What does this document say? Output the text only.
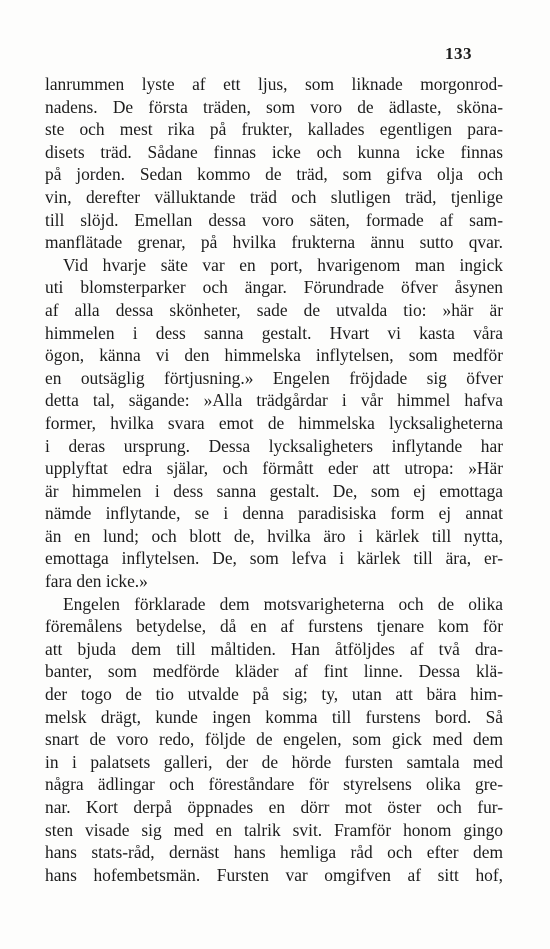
133
lanrummen lyste af ett ljus, som liknade morgonrod-
nadens. De första träden, som voro de ädlaste, sköna-
ste och mest rika på frukter, kallades egentligen para-
disets träd. Sådane finnas icke och kunna icke finnas
på jorden. Sedan kommo de träd, som gifva olja och
vin, derefter välluktande träd och slutligen träd, tjenlige
till slöjd. Emellan dessa voro säten, formade af sam-
manflätade grenar, på hvilka frukterna ännu sutto qvar.
Vid hvarje säte var en port, hvarigenom man ingick
uti blomsterparker och ängar. Förundrade öfver åsynen
af alla dessa skönheter, sade de utvalda tio: »här är
himmelen i dess sanna gestalt. Hvart vi kasta våra
ögon, känna vi den himmelska inflytelsen, som medför
en outsäglig förtjusning.» Engelen fröjdade sig öfver
detta tal, sägande: »Alla trädgårdar i vår himmel hafva
former, hvilka svara emot de himmelska lycksaligheterna
i deras ursprung. Dessa lycksaligheters inflytande har
upplyftat edra själar, och förmått eder att utropa: »Här
är himmelen i dess sanna gestalt. De, som ej emottaga
nämde inflytande, se i denna paradisiska form ej annat
än en lund; och blott de, hvilka äro i kärlek till nytta,
emottaga inflytelsen. De, som lefva i kärlek till ära, er-
fara den icke.»
Engelen förklarade dem motsvarigheterna och de olika
föremålens betydelse, då en af furstens tjenare kom för
att bjuda dem till måltiden. Han åtföljdes af två dra-
banter, som medförde kläder af fint linne. Dessa klä-
der togo de tio utvalde på sig; ty, utan att bära him-
melsk drägt, kunde ingen komma till furstens bord. Så
snart de voro redo, följde de engelen, som gick med dem
in i palatsets galleri, der de hörde fursten samtala med
några ädlingar och föreståndare för styrelsens olika gre-
nar. Kort derpå öppnades en dörr mot öster och fur-
sten visade sig med en talrik svit. Framför honom gingo
hans stats-råd, dernäst hans hemliga råd och efter dem
hans hofembetsmän. Fursten var omgifven af sitt hof,
